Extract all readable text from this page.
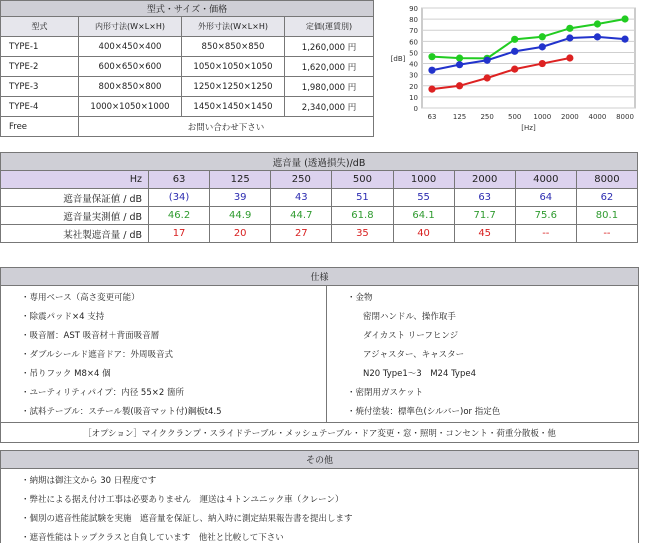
型式・サイズ・価格			
型式	内形寸法(W×L×H)	外形寸法(W×L×H)	定価(運賃別)
TYPE-1	400×450×400	850×850×850	1,260,000 円
TYPE-2	600×650×600	1050×1050×1050	1,620,000 円
TYPE-3	800×850×800	1250×1250×1250	1,980,000 円
TYPE-4	1000×1050×1000	1450×1450×1450	2,340,000 円
Free	お問い合わせ下さい		
0
10
20
30
40
50
60
70
80
90
[dB]
63 125 250 500 1000 2000 4000 8000
[Hz]
遮音量 (透過損失)/dB								
Hz	63	125	250	500	1000	2000	4000	8000
遮音量保証値 / dB	(34)	39	43	51	55	63	64	62
遮音量実測値 / dB	46.2	44.9	44.7	61.8	64.1	71.7	75.6	80.1
某社製遮音量 / dB	17	20	27	35	40	45	--	--
仕様

・専用ベース（高さ変更可能）
・除震パッド×4 支持
・吸音層：AST 吸音材＋背面吸音層
・ダブルシールド遮音ドア：外周吸音式
・吊りフック M8×4 個
・ユーティリティパイプ：内径 55×2 箇所
・試料テーブル：スチール製(吸音マット付)鋼板t4.5

・金物
密閉ハンドル、操作取手
ダイカスト リーフヒンジ
アジャスター、キャスター
N20 Type1～3　M24 Type4
・密閉用ガスケット
・焼付塗装：標準色(シルバー)or 指定色

［オプション］マイククランプ・スライドテーブル・メッシュテーブル・ドア変更・窓・照明・コンセント・荷重分散板・他
その他

・納期は御注文から 30 日程度です
・弊社による据え付け工事は必要ありません　運送は４トンユニック車（クレーン）
・個別の遮音性能試験を実施　遮音量を保証し、納入時に測定結果報告書を提出します
・遮音性能はトップクラスと自負しています　他社と比較して下さい
